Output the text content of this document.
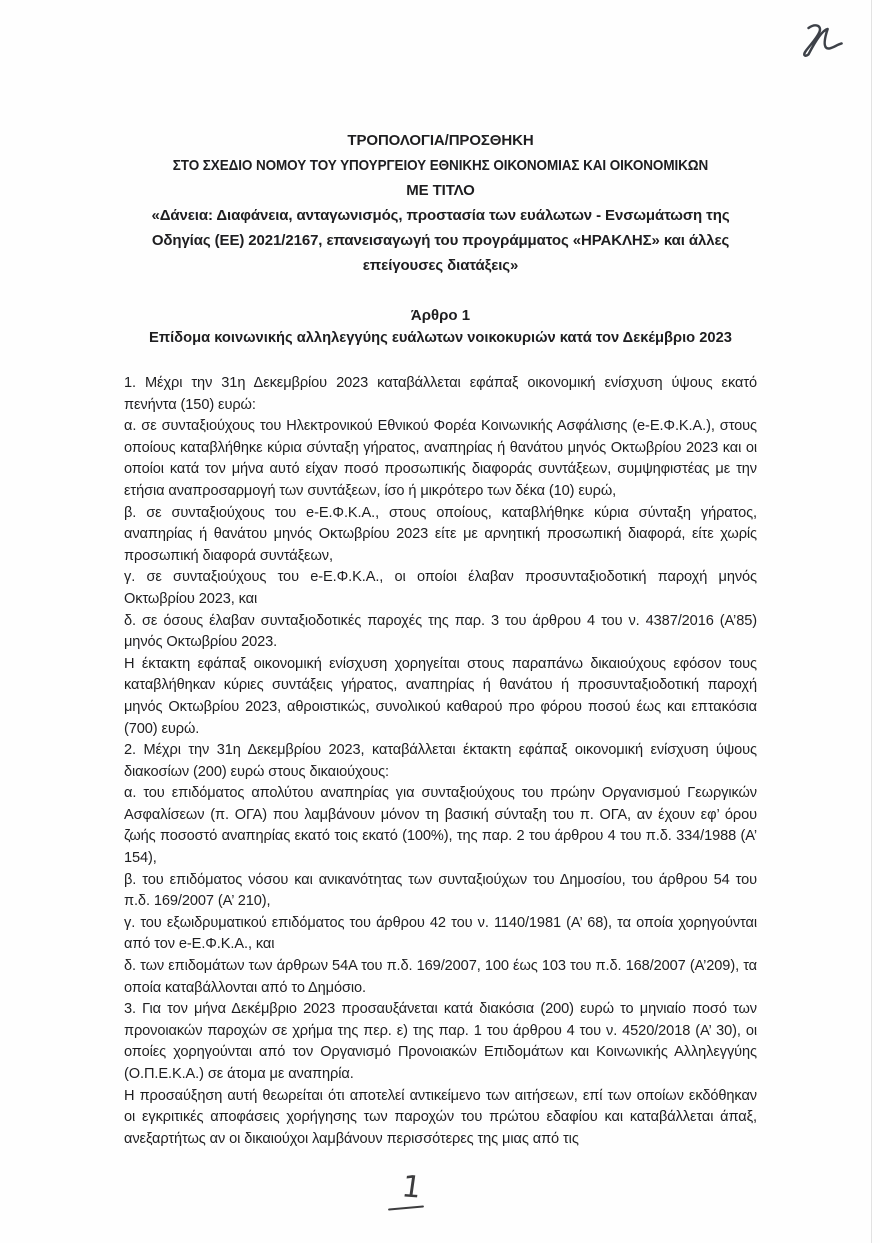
ΤΡΟΠΟΛΟΓΙΑ/ΠΡΟΣΘΗΚΗ
ΣΤΟ ΣΧΕΔΙΟ ΝΟΜΟΥ ΤΟΥ ΥΠΟΥΡΓΕΙΟΥ ΕΘΝΙΚΗΣ ΟΙΚΟΝΟΜΙΑΣ ΚΑΙ ΟΙΚΟΝΟΜΙΚΩΝ
ΜΕ ΤΙΤΛΟ
«Δάνεια: Διαφάνεια, ανταγωνισμός, προστασία των ευάλωτων - Ενσωμάτωση της Οδηγίας (ΕΕ) 2021/2167, επανεισαγωγή του προγράμματος «ΗΡΑΚΛΗΣ» και άλλες επείγουσες διατάξεις»
Άρθρο 1
Επίδομα κοινωνικής αλληλεγγύης ευάλωτων νοικοκυριών κατά τον Δεκέμβριο 2023

1. Μέχρι την 31η Δεκεμβρίου 2023 καταβάλλεται εφάπαξ οικονομική ενίσχυση ύψους εκατό πενήντα (150) ευρώ:

α. σε συνταξιούχους του Ηλεκτρονικού Εθνικού Φορέα Κοινωνικής Ασφάλισης (e-Ε.Φ.Κ.Α.), στους οποίους καταβλήθηκε κύρια σύνταξη γήρατος, αναπηρίας ή θανάτου μηνός Οκτωβρίου 2023 και οι οποίοι κατά τον μήνα αυτό είχαν ποσό προσωπικής διαφοράς συντάξεων, συμψηφιστέας με την ετήσια αναπροσαρμογή των συντάξεων, ίσο ή μικρότερο των δέκα (10) ευρώ,

β. σε συνταξιούχους του e-Ε.Φ.Κ.Α., στους οποίους, καταβλήθηκε κύρια σύνταξη γήρατος, αναπηρίας ή θανάτου μηνός Οκτωβρίου 2023 είτε με αρνητική προσωπική διαφορά, είτε χωρίς προσωπική διαφορά συντάξεων,

γ. σε συνταξιούχους του e-Ε.Φ.Κ.Α., οι οποίοι έλαβαν προσυνταξιοδοτική παροχή μηνός Οκτωβρίου 2023, και

δ. σε όσους έλαβαν συνταξιοδοτικές παροχές της παρ. 3 του άρθρου 4 του ν. 4387/2016 (Α’85) μηνός Οκτωβρίου 2023.

Η έκτακτη εφάπαξ οικονομική ενίσχυση χορηγείται στους παραπάνω δικαιούχους εφόσον τους καταβλήθηκαν κύριες συντάξεις γήρατος, αναπηρίας ή θανάτου ή προσυνταξιοδοτική παροχή μηνός Οκτωβρίου 2023, αθροιστικώς, συνολικού καθαρού προ φόρου ποσού έως και επτακόσια (700) ευρώ.

2. Μέχρι την 31η Δεκεμβρίου 2023, καταβάλλεται έκτακτη εφάπαξ οικονομική ενίσχυση ύψους διακοσίων (200) ευρώ στους δικαιούχους:

α. του επιδόματος απολύτου αναπηρίας για συνταξιούχους του πρώην Οργανισμού Γεωργικών Ασφαλίσεων (π. ΟΓΑ) που λαμβάνουν μόνον τη βασική σύνταξη του π. ΟΓΑ, αν έχουν εφ’ όρου ζωής ποσοστό αναπηρίας εκατό τοις εκατό (100%), της παρ. 2 του άρθρου 4 του π.δ. 334/1988 (Α’ 154),

β. του επιδόματος νόσου και ανικανότητας των συνταξιούχων του Δημοσίου, του άρθρου 54 του π.δ. 169/2007 (Α’ 210),

γ. του εξωιδρυματικού επιδόματος του άρθρου 42 του ν. 1140/1981 (Α’ 68), τα οποία χορηγούνται από τον e-Ε.Φ.Κ.Α., και

δ. των επιδομάτων των άρθρων 54Α του π.δ. 169/2007, 100 έως 103 του π.δ. 168/2007 (Α’209), τα οποία καταβάλλονται από το Δημόσιο.

3. Για τον μήνα Δεκέμβριο 2023 προσαυξάνεται κατά διακόσια (200) ευρώ το μηνιαίο ποσό των προνοιακών παροχών σε χρήμα της περ. ε) της παρ. 1 του άρθρου 4 του ν. 4520/2018 (Α’ 30), οι οποίες χορηγούνται από τον Οργανισμό Προνοιακών Επιδομάτων και Κοινωνικής Αλληλεγγύης (Ο.Π.Ε.Κ.Α.) σε άτομα με αναπηρία.

Η προσαύξηση αυτή θεωρείται ότι αποτελεί αντικείμενο των αιτήσεων, επί των οποίων εκδόθηκαν οι εγκριτικές αποφάσεις χορήγησης των παροχών του πρώτου εδαφίου και καταβάλλεται άπαξ, ανεξαρτήτως αν οι δικαιούχοι λαμβάνουν περισσότερες της μιας από τις

1
